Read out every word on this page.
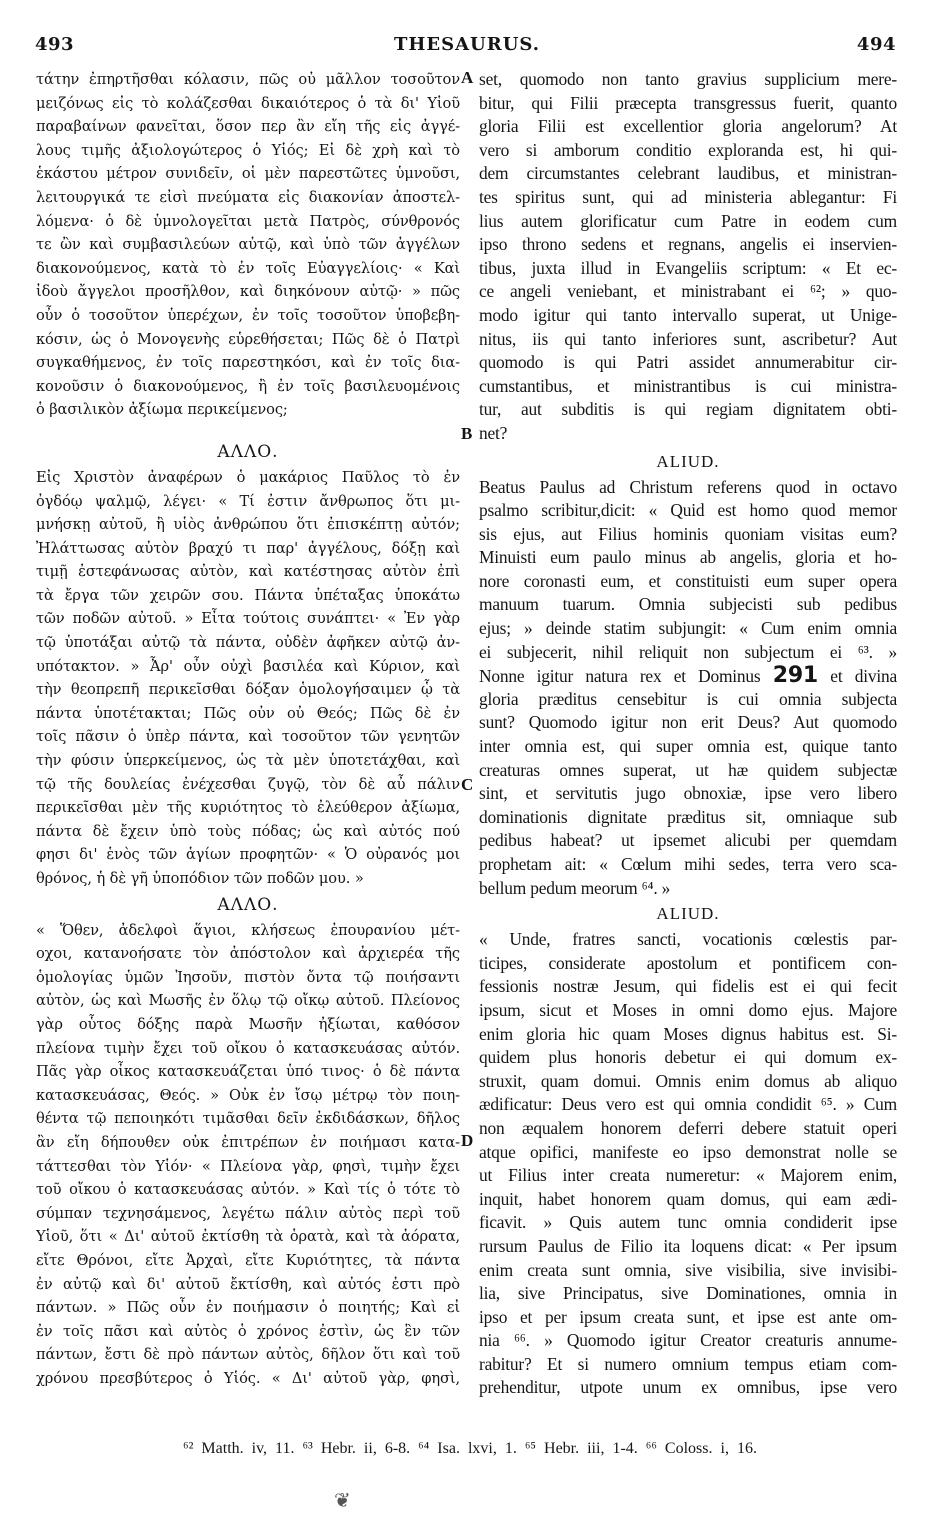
493	THESAURUS.	494
τάτην ἐπηρτῆσθαι κόλασιν, πῶς οὐ μᾶλλον τοσοῦτον
μειζόνως εἰς τὸ κολάζεσθαι δικαιότερος ὁ τὰ δι' Υἱοῦ
παραβαίνων φανεῖται, ὅσον περ ἂν εἴη τῆς εἰς ἀγγέ-
λους τιμῆς ἀξιολογώτερος ὁ Υἱός; Εἰ δὲ χρὴ καὶ τὸ
ἑκάστου μέτρον συνιδεῖν, οἱ μὲν παρεστῶτες ὑμνοῦσι,
λειτουργικά τε εἰσὶ πνεύματα εἰς διακονίαν ἀποστελ-
λόμενα· ὁ δὲ ὑμνολογεῖται μετὰ Πατρὸς, σύνθρονός
τε ὢν καὶ συμβασιλεύων αὐτῷ, καὶ ὑπὸ τῶν ἀγγέλων
διακονούμενος, κατὰ τὸ ἐν τοῖς Εὐαγγελίοις· « Καὶ
ἰδοὺ ἄγγελοι προσῆλθον, καὶ διηκόνουν αὐτῷ· » πῶς
οὖν ὁ τοσοῦτον ὑπερέχων, ἐν τοῖς τοσοῦτον ὑποβεβη-
κόσιν, ὡς ὁ Μονογενὴς εὑρεθήσεται; Πῶς δὲ ὁ Πατρὶ
συγκαθήμενος, ἐν τοῖς παρεστηκόσι, καὶ ἐν τοῖς δια-
κονοῦσιν ὁ διακονούμενος, ἢ ἐν τοῖς βασιλευομένοις
ὁ βασιλικὸν ἀξίωμα περικείμενος;
ΑΛΛΟ.
Εἰς Χριστὸν ἀναφέρων ὁ μακάριος Παῦλος τὸ ἐν
ὀγδόῳ ψαλμῷ, λέγει· « Τί ἐστιν ἄνθρωπος ὅτι μι-
μνήσκῃ αὐτοῦ, ἢ υἱὸς ἀνθρώπου ὅτι ἐπισκέπτῃ αὐτόν;
Ἠλάττωσας αὐτὸν βραχύ τι παρ' ἀγγέλους, δόξῃ καὶ
τιμῇ ἐστεφάνωσας αὐτὸν, καὶ κατέστησας αὐτὸν ἐπὶ
τὰ ἔργα τῶν χειρῶν σου. Πάντα ὑπέταξας ὑποκάτω
τῶν ποδῶν αὐτοῦ. » Εἶτα τούτοις συνάπτει· « Ἐν γὰρ
τῷ ὑποτάξαι αὐτῷ τὰ πάντα, οὐδὲν ἀφῆκεν αὐτῷ ἀν-
υπότακτον. » Ἆρ' οὖν οὐχὶ βασιλέα καὶ Κύριον, καὶ
τὴν θεοπρεπῆ περικεῖσθαι δόξαν ὁμολογήσαιμεν ᾧ τὰ
πάντα ὑποτέτακται; Πῶς οὐν οὐ Θεός; Πῶς δὲ ἐν
τοῖς πᾶσιν ὁ ὑπὲρ πάντα, καὶ τοσοῦτον τῶν γενητῶν
τὴν φύσιν ὑπερκείμενος, ὡς τὰ μὲν ὑποτετάχθαι, καὶ
τῷ τῆς δουλείας ἐνέχεσθαι ζυγῷ, τὸν δὲ αὖ πάλιν
περικεῖσθαι μὲν τῆς κυριότητος τὸ ἐλεύθερον ἀξίωμα,
πάντα δὲ ἔχειν ὑπὸ τοὺς πόδας; ὡς καὶ αὐτός πού
φησι δι' ἑνὸς τῶν ἁγίων προφητῶν· « Ὁ οὐρανός μοι
θρόνος, ἡ δὲ γῆ ὑποπόδιον τῶν ποδῶν μου. »
ΑΛΛΟ.
« Ὅθεν, ἀδελφοὶ ἅγιοι, κλήσεως ἐπουρανίου μέτ-
οχοι, κατανοήσατε τὸν ἀπόστολον καὶ ἀρχιερέα τῆς
ὁμολογίας ὑμῶν Ἰησοῦν, πιστὸν ὄντα τῷ ποιήσαντι
αὐτὸν, ὡς καὶ Μωσῆς ἐν ὅλῳ τῷ οἴκῳ αὐτοῦ. Πλείονος
γὰρ οὗτος δόξης παρὰ Μωσῆν ἠξίωται, καθόσον
πλείονα τιμὴν ἔχει τοῦ οἴκου ὁ κατασκευάσας αὐτόν.
Πᾶς γὰρ οἶκος κατασκευάζεται ὑπό τινος· ὁ δὲ πάντα
κατασκευάσας, Θεός. » Οὐκ ἐν ἴσῳ μέτρῳ τὸν ποιη-
θέντα τῷ πεποιηκότι τιμᾶσθαι δεῖν ἐκδιδάσκων, δῆλος
ἂν εἴη δήπουθεν οὐκ ἐπιτρέπων ἐν ποιήμασι κατα-
τάττεσθαι τὸν Υἱόν· « Πλείονα γὰρ, φησὶ, τιμὴν ἔχει
τοῦ οἴκου ὁ κατασκευάσας αὐτόν. » Καὶ τίς ὁ τότε τὸ
σύμπαν τεχνησάμενος, λεγέτω πάλιν αὐτὸς περὶ τοῦ
Υἱοῦ, ὅτι « Δι' αὐτοῦ ἐκτίσθη τὰ ὁρατὰ, καὶ τὰ ἀόρατα,
εἴτε Θρόνοι, εἴτε Ἀρχαὶ, εἴτε Κυριότητες, τὰ πάντα
ἐν αὐτῷ καὶ δι' αὐτοῦ ἔκτίσθη, καὶ αὐτός ἐστι πρὸ
πάντων. » Πῶς οὖν ἐν ποιήμασιν ὁ ποιητής; Καὶ εἰ
ἐν τοῖς πᾶσι καὶ αὐτὸς ὁ χρόνος ἐστὶν, ὡς ἓν τῶν
πάντων, ἔστι δὲ πρὸ πάντων αὐτὸς, δῆλον ὅτι καὶ τοῦ
χρόνου πρεσβύτερος ὁ Υἱός. « Δι' αὐτοῦ γὰρ, φησὶ,
set, quomodo non tanto gravius supplicium mere-
bitur, qui Filii præcepta transgressus fuerit, quanto
gloria Filii est excellentior gloria angelorum? At
vero si amborum conditio exploranda est, hi qui-
dem circumstantes celebrant laudibus, et ministran-
tes spiritus sunt, qui ad ministeria ablegantur: Fi
lius autem glorificatur cum Patre in eodem cum
ipso throno sedens et regnans, angelis ei inservien-
tibus, juxta illud in Evangeliis scriptum: « Et ec-
ce angeli veniebant, et ministrabant ei ⁶²; » quo-
modo igitur qui tanto intervallo superat, ut Unige-
nitus, iis qui tanto inferiores sunt, ascribetur? Aut
quomodo is qui Patri assidet annumerabitur cir-
cumstantibus, et ministrantibus is cui ministra-
tur, aut subditis is qui regiam dignitatem obti-
net?
ALIUD.
Beatus Paulus ad Christum referens quod in octavo
psalmo scribitur,dicit: « Quid est homo quod memor
sis ejus, aut Filius hominis quoniam visitas eum?
Minuisti eum paulo minus ab angelis, gloria et ho-
nore coronasti eum, et constituisti eum super opera
manuum tuarum. Omnia subjecisti sub pedibus
ejus; » deinde statim subjungit: « Cum enim omnia
ei subjecerit, nihil reliquit non subjectum ei ⁶³. »
Nonne igitur natura rex et Dominus 291 et divina
gloria præditus censebitur is cui omnia subjecta
sunt? Quomodo igitur non erit Deus? Aut quomodo
inter omnia est, qui super omnia est, quique tanto
creaturas omnes superat, ut hæ quidem subjectæ
sint, et servitutis jugo obnoxiæ, ipse vero libero
dominationis dignitate præditus sit, omniaque sub
pedibus habeat? ut ipsemet alicubi per quemdam
prophetam ait: « Cœlum mihi sedes, terra vero sca-
bellum pedum meorum ⁶⁴. »
ALIUD.
« Unde, fratres sancti, vocationis cœlestis par-
ticipes, considerate apostolum et pontificem con-
fessionis nostræ Jesum, qui fidelis est ei qui fecit
ipsum, sicut et Moses in omni domo ejus. Majore
enim gloria hic quam Moses dignus habitus est. Si-
quidem plus honoris debetur ei qui domum ex-
struxit, quam domui. Omnis enim domus ab aliquo
ædificatur: Deus vero est qui omnia condidit ⁶⁵. » Cum
non æqualem honorem deferri debere statuit operi
atque opifici, manifeste eo ipso demonstrat nolle se
ut Filius inter creata numeretur: « Majorem enim,
inquit, habet honorem quam domus, qui eam ædi-
ficavit. » Quis autem tunc omnia condiderit ipse
rursum Paulus de Filio ita loquens dicat: « Per ipsum
enim creata sunt omnia, sive visibilia, sive invisibi-
lia, sive Principatus, sive Dominationes, omnia in
ipso et per ipsum creata sunt, et ipse est ante om-
nia ⁶⁶. » Quomodo igitur Creator creaturis annume-
rabitur? Et si numero omnium tempus etiam com-
prehenditur, utpote unum ex omnibus, ipse vero
A
B
C
D
⁶² Matth. iv, 11. ⁶³ Hebr. ii, 6-8. ⁶⁴ Isa. lxvi, 1. ⁶⁵ Hebr. iii, 1-4. ⁶⁶ Coloss. i, 16.
❦
